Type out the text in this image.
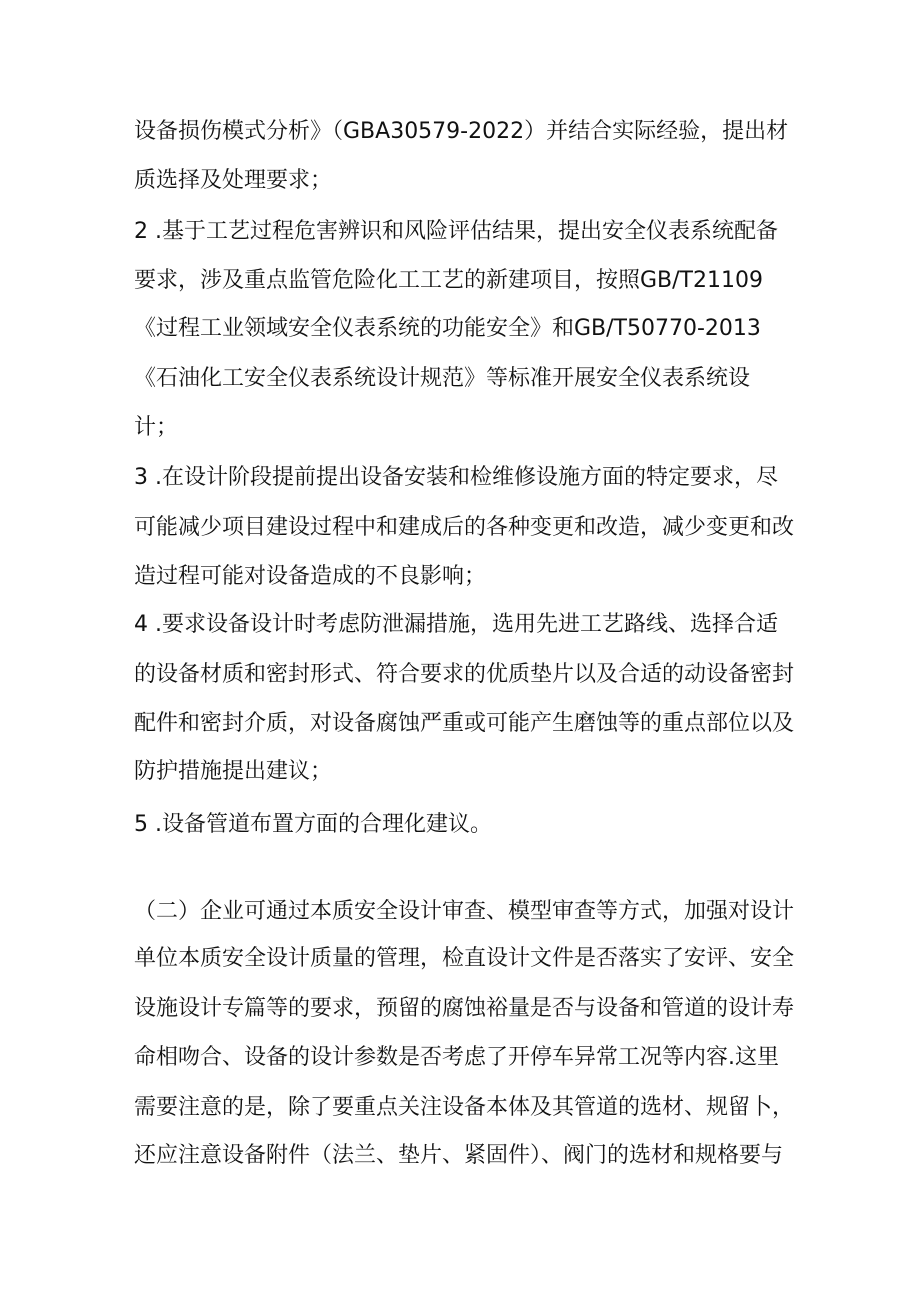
设备损伤模式分析》（GBA30579-2022）并结合实际经验，提出材
质选择及处理要求；
2 .基于工艺过程危害辨识和风险评估结果，提出安全仪表系统配备
要求，涉及重点监管危险化工工艺的新建项目，按照GB/T21109
《过程工业领域安全仪表系统的功能安全》和GB/T50770-2013
《石油化工安全仪表系统设计规范》等标准开展安全仪表系统设
计；
3 .在设计阶段提前提出设备安装和检维修设施方面的特定要求，尽
可能减少项目建设过程中和建成后的各种变更和改造，减少变更和改
造过程可能对设备造成的不良影响；
4 .要求设备设计时考虑防泄漏措施，选用先进工艺路线、选择合适
的设备材质和密封形式、符合要求的优质垫片以及合适的动设备密封
配件和密封介质，对设备腐蚀严重或可能产生磨蚀等的重点部位以及
防护措施提出建议；
5 .设备管道布置方面的合理化建议。
（二）企业可通过本质安全设计审查、模型审查等方式，加强对设计
单位本质安全设计质量的管理，检直设计文件是否落实了安评、安全
设施设计专篇等的要求，预留的腐蚀裕量是否与设备和管道的设计寿
命相吻合、设备的设计参数是否考虑了开停车异常工况等内容.这里
需要注意的是，除了要重点关注设备本体及其管道的选材、规留卜，
还应注意设备附件（法兰、垫片、紧固件）、阀门的选材和规格要与
